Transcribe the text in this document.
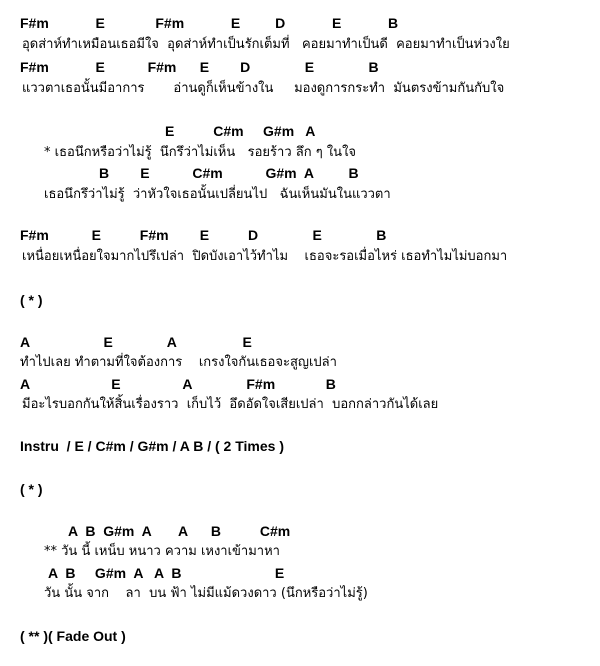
F#m            E             F#m            E         D            E            B
อุดส่าห์ทำเหมือนเธอมีใจ  อุดส่าห์ทำเป็นรักเต็มที่   คอยมาทำเป็นดี  คอยมาทำเป็นห่วงใย
F#m            E           F#m      E        D              E              B
แววตาเธอนั้นมีอาการ       อ่านดูก็เห็นข้างใน     มองดูการกระทำ  มันตรงข้ามกันกับใจ
E          C#m     G#m   A
* เธอนึกหรือว่าไม่รู้  นึกรึว่าไม่เห็น   รอยร้าว ลึก ๆ ในใจ
B        E           C#m           G#m  A         B
เธอนึกรึว่าไม่รู้  ว่าหัวใจเธอนั้นเปลี่ยนไป   ฉันเห็นมันในแววตา
F#m           E          F#m        E          D              E              B
เหนื่อยเหนื่อยใจมากไปรึเปล่า  ปิดบังเอาไว้ทำไม    เธอจะรอเมื่อไหร่ เธอทำไมไม่บอกมา
( * )
A                   E              A                 E
ทำไปเลย ทำตามที่ใจต้องการ    เกรงใจกันเธอจะสูญเปล่า
A                     E                A              F#m             B
มีอะไรบอกกันให้สิ้นเรื่องราว  เก็บไว้  อึดอัดใจเสียเปล่า  บอกกล่าวกันได้เลย
Instru  / E / C#m / G#m / A B / ( 2 Times )
( * )
A  B  G#m  A       A      B          C#m
** วัน นี้ เหน็บ หนาว ความ เหงาเข้ามาหา
A  B     G#m  A   A  B                        E
วัน นั้น จาก    ลา  บน ฟ้า ไม่มีแม้ดวงดาว (นึกหรือว่าไม่รู้)
( ** )( Fade Out )
